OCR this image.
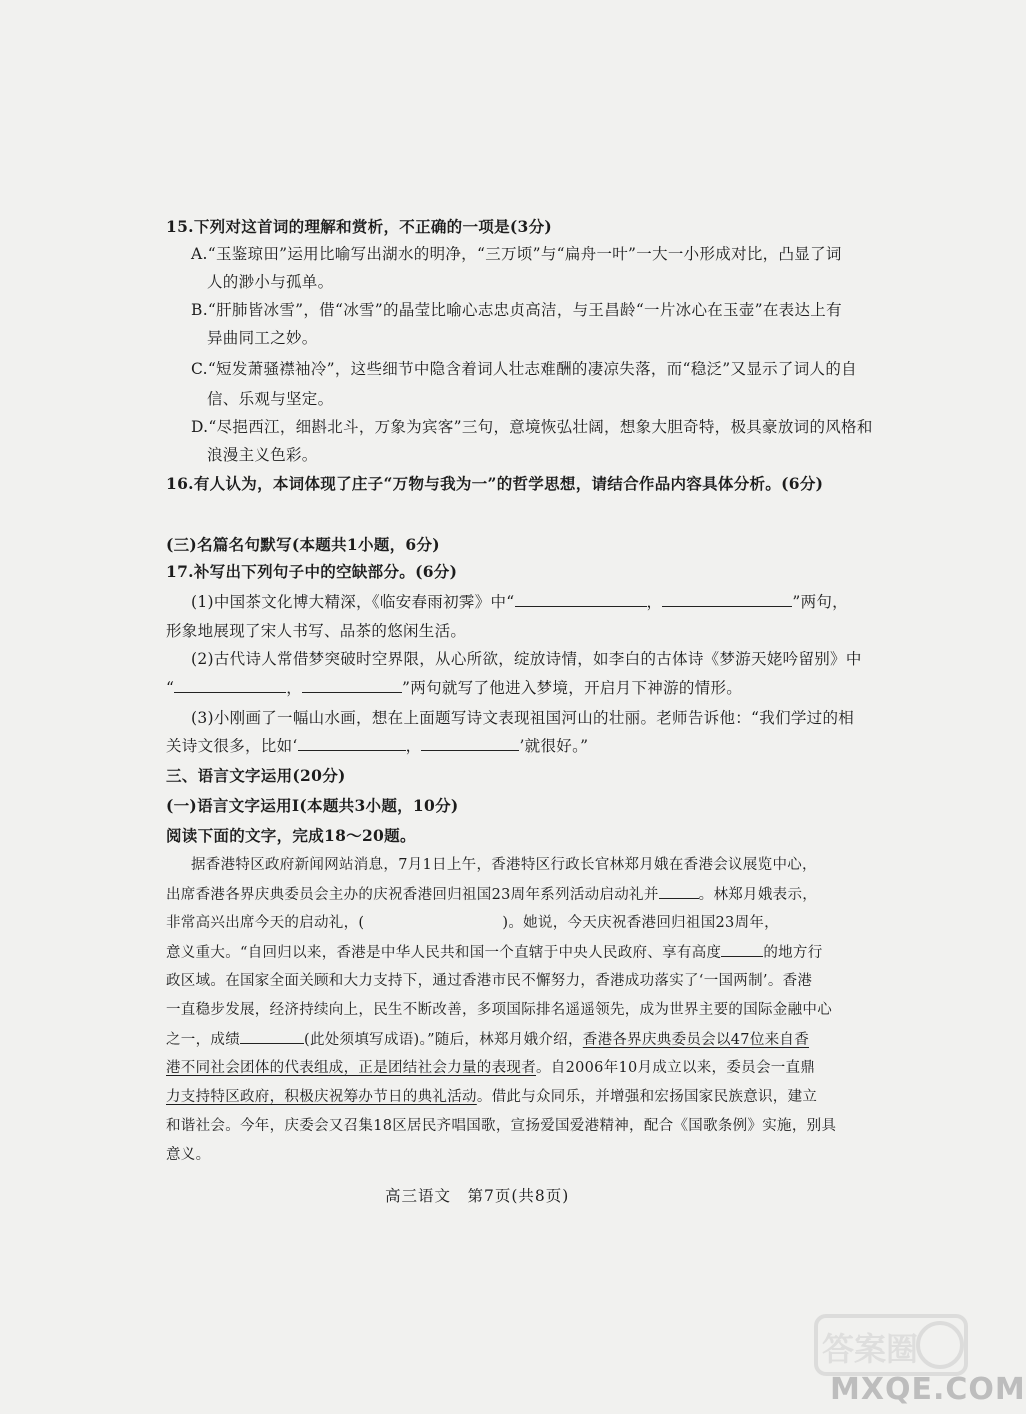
15.下列对这首词的理解和赏析，不正确的一项是(3分)
A.“玉鉴琼田”运用比喻写出湖水的明净，“三万顷”与“扁舟一叶”一大一小形成对比，凸显了词
人的渺小与孤单。
B.“肝肺皆冰雪”，借“冰雪”的晶莹比喻心志忠贞高洁，与王昌龄“一片冰心在玉壶”在表达上有
异曲同工之妙。
C.“短发萧骚襟袖冷”，这些细节中隐含着词人壮志难酬的凄凉失落，而“稳泛”又显示了词人的自
信、乐观与坚定。
D.“尽挹西江，细斟北斗，万象为宾客”三句，意境恢弘壮阔，想象大胆奇特，极具豪放词的风格和
浪漫主义色彩。
16.有人认为，本词体现了庄子“万物与我为一”的哲学思想，请结合作品内容具体分析。(6分)
(三)名篇名句默写(本题共1小题，6分)
17.补写出下列句子中的空缺部分。(6分)
(1)中国茶文化博大精深，《临安春雨初霁》中“	，	”两句，
形象地展现了宋人书写、品茶的悠闲生活。
(2)古代诗人常借梦突破时空界限，从心所欲，绽放诗情，如李白的古体诗《梦游天姥吟留别》中
“	，	”两句就写了他进入梦境，开启月下神游的情形。
(3)小刚画了一幅山水画，想在上面题写诗文表现祖国河山的壮丽。老师告诉他：“我们学过的相
关诗文很多，比如‘	，	’就很好。”
三、语言文字运用(20分)
(一)语言文字运用Ⅰ(本题共3小题，10分)
阅读下面的文字，完成18～20题。
据香港特区政府新闻网站消息，7月1日上午，香港特区行政长官林郑月娥在香港会议展览中心，
出席香港各界庆典委员会主办的庆祝香港回归祖国23周年系列活动启动礼并	。林郑月娥表示，
非常高兴出席今天的启动礼，(	)。她说，今天庆祝香港回归祖国23周年，
意义重大。“自回归以来，香港是中华人民共和国一个直辖于中央人民政府、享有高度	的地方行
政区域。在国家全面关顾和大力支持下，通过香港市民不懈努力，香港成功落实了‘一国两制’。香港
一直稳步发展，经济持续向上，民生不断改善，多项国际排名遥遥领先，成为世界主要的国际金融中心
之一，成绩	(此处须填写成语)。”随后，林郑月娥介绍，香港各界庆典委员会以47位来自香
港不同社会团体的代表组成，正是团结社会力量的表现者。自2006年10月成立以来，委员会一直鼎
力支持特区政府，积极庆祝筹办节日的典礼活动。借此与众同乐，并增强和宏扬国家民族意识，建立
和谐社会。今年，庆委会又召集18区居民齐唱国歌，宣扬爱国爱港精神，配合《国歌条例》实施，别具
意义。
高三语文　第7页(共8页)
答案圈
MXQE.COM
